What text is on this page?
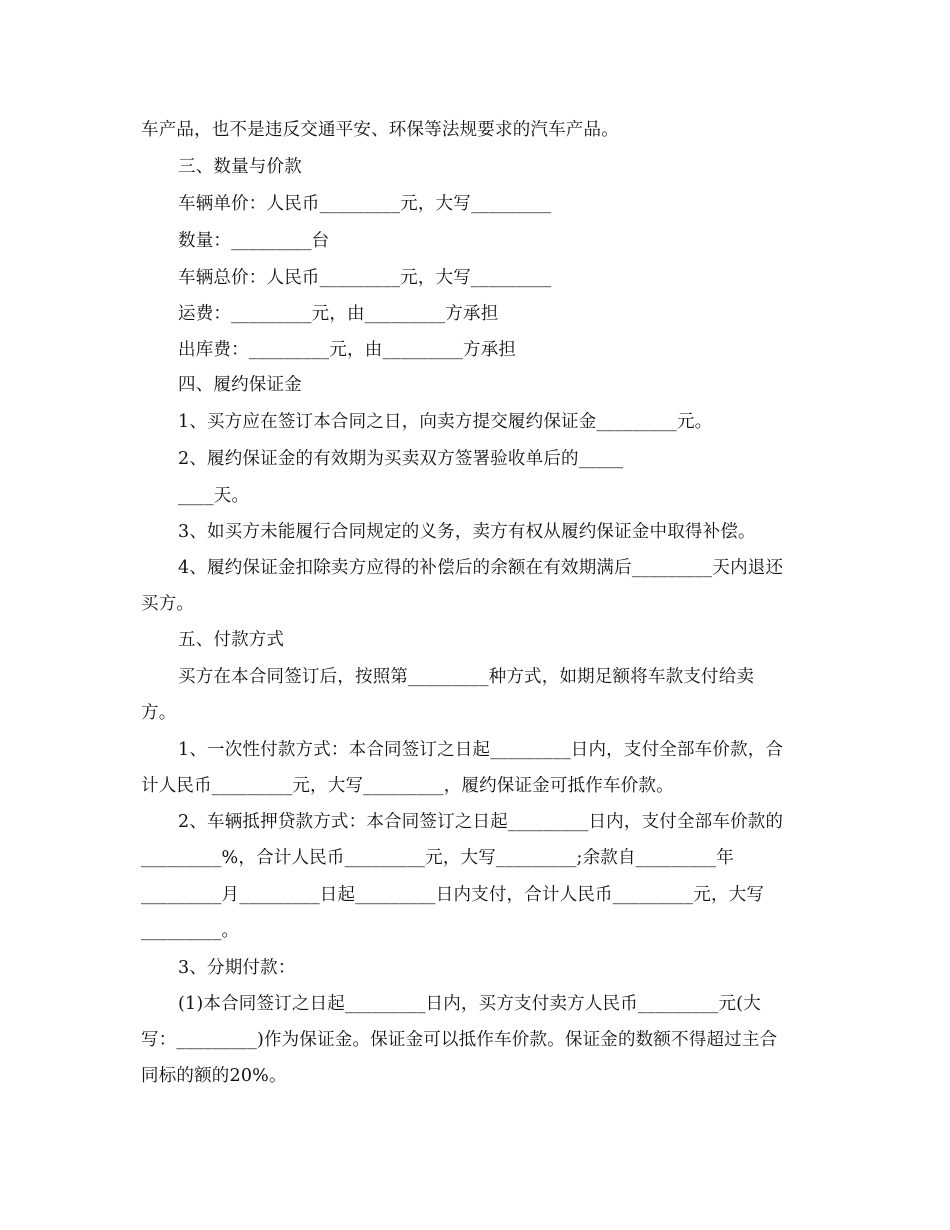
车产品，也不是违反交通平安、环保等法规要求的汽车产品。
三、数量与价款
车辆单价：人民币_________元，大写_________
数量：_________台
车辆总价：人民币_________元，大写_________
运费：_________元，由_________方承担
出库费：_________元，由_________方承担
四、履约保证金
1、买方应在签订本合同之日，向卖方提交履约保证金_________元。
2、履约保证金的有效期为买卖双方签署验收单后的_____
____天。
3、如买方未能履行合同规定的义务，卖方有权从履约保证金中取得补偿。
4、履约保证金扣除卖方应得的补偿后的余额在有效期满后_________天内退还
买方。
五、付款方式
买方在本合同签订后，按照第_________种方式，如期足额将车款支付给卖
方。
1、一次性付款方式：本合同签订之日起_________日内，支付全部车价款，合
计人民币_________元，大写_________，履约保证金可抵作车价款。
2、车辆抵押贷款方式：本合同签订之日起_________日内，支付全部车价款的
_________%，合计人民币_________元，大写_________;余款自_________年
_________月_________日起_________日内支付，合计人民币_________元，大写
_________。
3、分期付款：
(1)本合同签订之日起_________日内，买方支付卖方人民币_________元(大
写：_________)作为保证金。保证金可以抵作车价款。保证金的数额不得超过主合
同标的额的20%。
